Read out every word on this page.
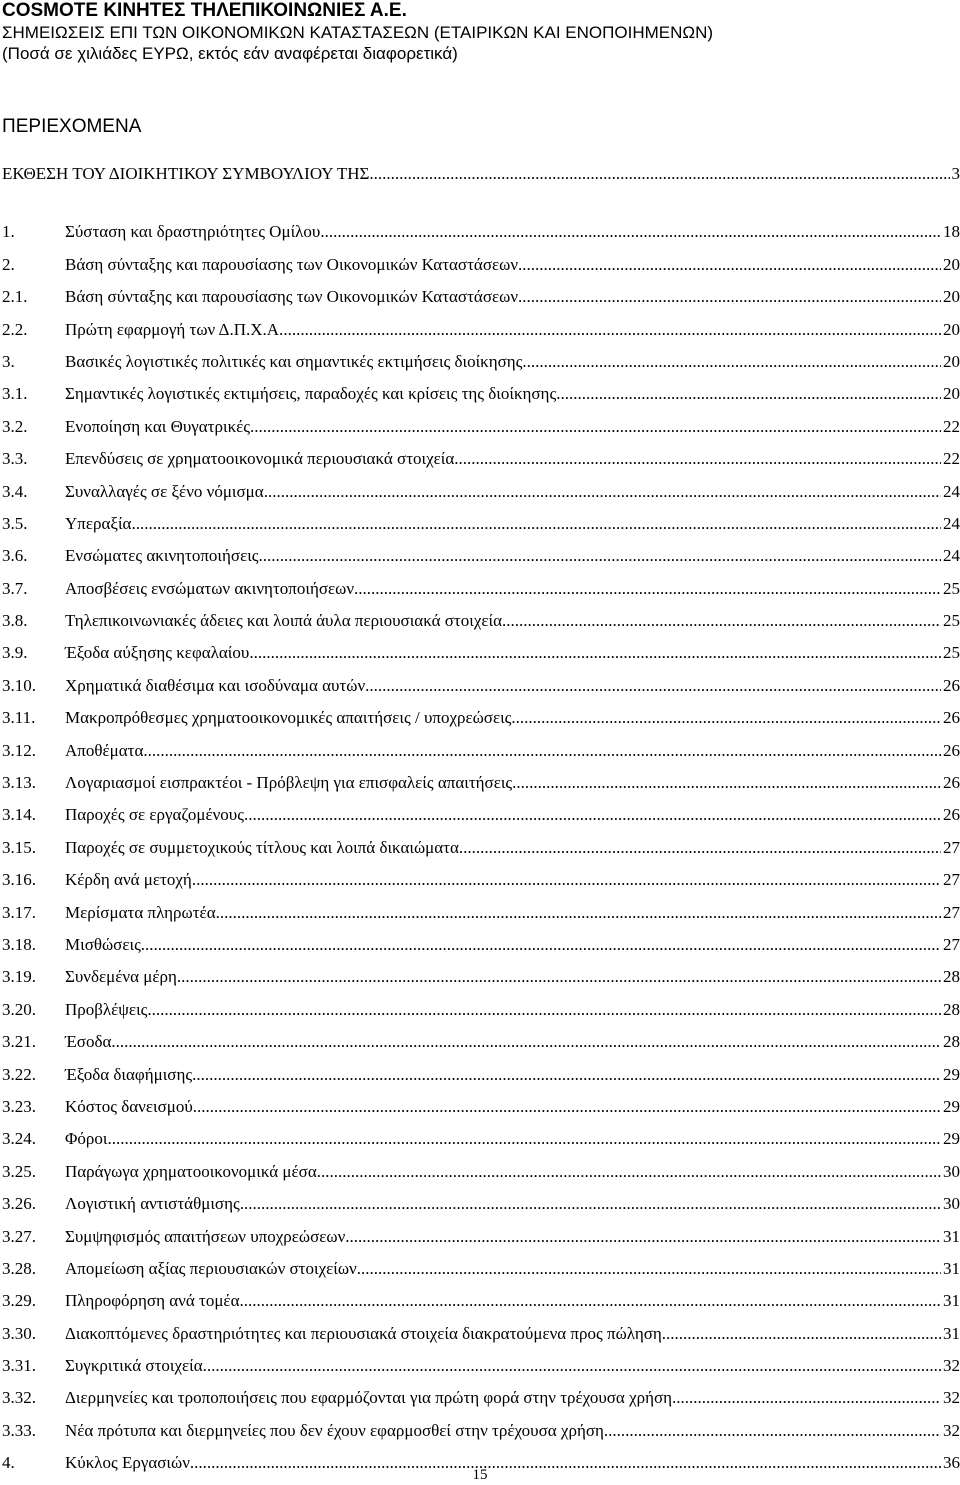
COSMOTE ΚΙΝΗΤΕΣ ΤΗΛΕΠΙΚΟΙΝΩΝΙΕΣ Α.Ε.

ΣΗΜΕΙΩΣΕΙΣ ΕΠΙ ΤΩΝ ΟΙΚΟΝΟΜΙΚΩΝ ΚΑΤΑΣΤΑΣΕΩΝ (ΕΤΑΙΡΙΚΩΝ ΚΑΙ ΕΝΟΠΟΙΗΜΕΝΩΝ)

(Ποσά σε χιλιάδες ΕΥΡΩ, εκτός εάν αναφέρεται διαφορετικά)

ΠΕΡΙΕΧΟΜΕΝΑ

ΕΚΘΕΣΗ ΤΟΥ ΔΙΟΙΚΗΤΙΚΟΥ ΣΥΜΒΟΥΛΙΟΥ ΤΗΣ .....	3
1.	Σύσταση και δραστηριότητες Ομίλου .....	18
2.	Βάση σύνταξης και παρουσίασης των Οικονομικών Καταστάσεων .....	20
2.1. Βάση σύνταξης και παρουσίασης των Οικονομικών Καταστάσεων .....	20
2.2. Πρώτη εφαρμογή των Δ.Π.Χ.Α. .....	20
3.	Βασικές λογιστικές πολιτικές και σημαντικές εκτιμήσεις διοίκησης .....	20
3.1. Σημαντικές λογιστικές εκτιμήσεις, παραδοχές και κρίσεις της διοίκησης .....	20
3.2. Ενοποίηση και Θυγατρικές .....	22
3.3. Επενδύσεις σε χρηματοοικονομικά περιουσιακά στοιχεία .....	22
3.4. Συναλλαγές σε ξένο νόμισμα .....	24
3.5. Υπεραξία .....	24
3.6. Ενσώματες ακινητοποιήσεις .....	24
3.7. Αποσβέσεις ενσώματων ακινητοποιήσεων .....	25
3.8. Τηλεπικοινωνιακές άδειες και λοιπά άυλα περιουσιακά στοιχεία .....	25
3.9. Έξοδα αύξησης κεφαλαίου .....	25
3.10. Χρηματικά διαθέσιμα και ισοδύναμα αυτών .....	26
3.11. Μακροπρόθεσμες χρηματοοικονομικές απαιτήσεις / υποχρεώσεις .....	26
3.12. Αποθέματα .....	26
3.13. Λογαριασμοί εισπρακτέοι - Πρόβλεψη για επισφαλείς απαιτήσεις .....	26
3.14. Παροχές σε εργαζομένους .....	26
3.15. Παροχές σε συμμετοχικούς τίτλους και λοιπά δικαιώματα .....	27
3.16. Κέρδη ανά μετοχή .....	27
3.17. Μερίσματα πληρωτέα .....	27
3.18. Μισθώσεις .....	27
3.19. Συνδεμένα μέρη .....	28
3.20. Προβλέψεις .....	28
3.21. Έσοδα .....	28
3.22. Έξοδα διαφήμισης .....	29
3.23. Κόστος δανεισμού .....	29
3.24. Φόροι .....	29
3.25. Παράγωγα χρηματοοικονομικά μέσα .....	30
3.26. Λογιστική αντιστάθμισης .....	30
3.27. Συμψηφισμός απαιτήσεων υποχρεώσεων .....	31
3.28. Απομείωση αξίας περιουσιακών στοιχείων .....	31
3.29. Πληροφόρηση ανά τομέα .....	31
3.30. Διακοπτόμενες δραστηριότητες και περιουσιακά στοιχεία διακρατούμενα προς πώληση .....	31
3.31. Συγκριτικά στοιχεία .....	32
3.32. Διερμηνείες και τροποποιήσεις που εφαρμόζονται για πρώτη φορά στην τρέχουσα χρήση .....	32
3.33. Νέα πρότυπα και διερμηνείες που δεν έχουν εφαρμοσθεί στην τρέχουσα χρήση .....	32
4.	Κύκλος Εργασιών .....	36

15
